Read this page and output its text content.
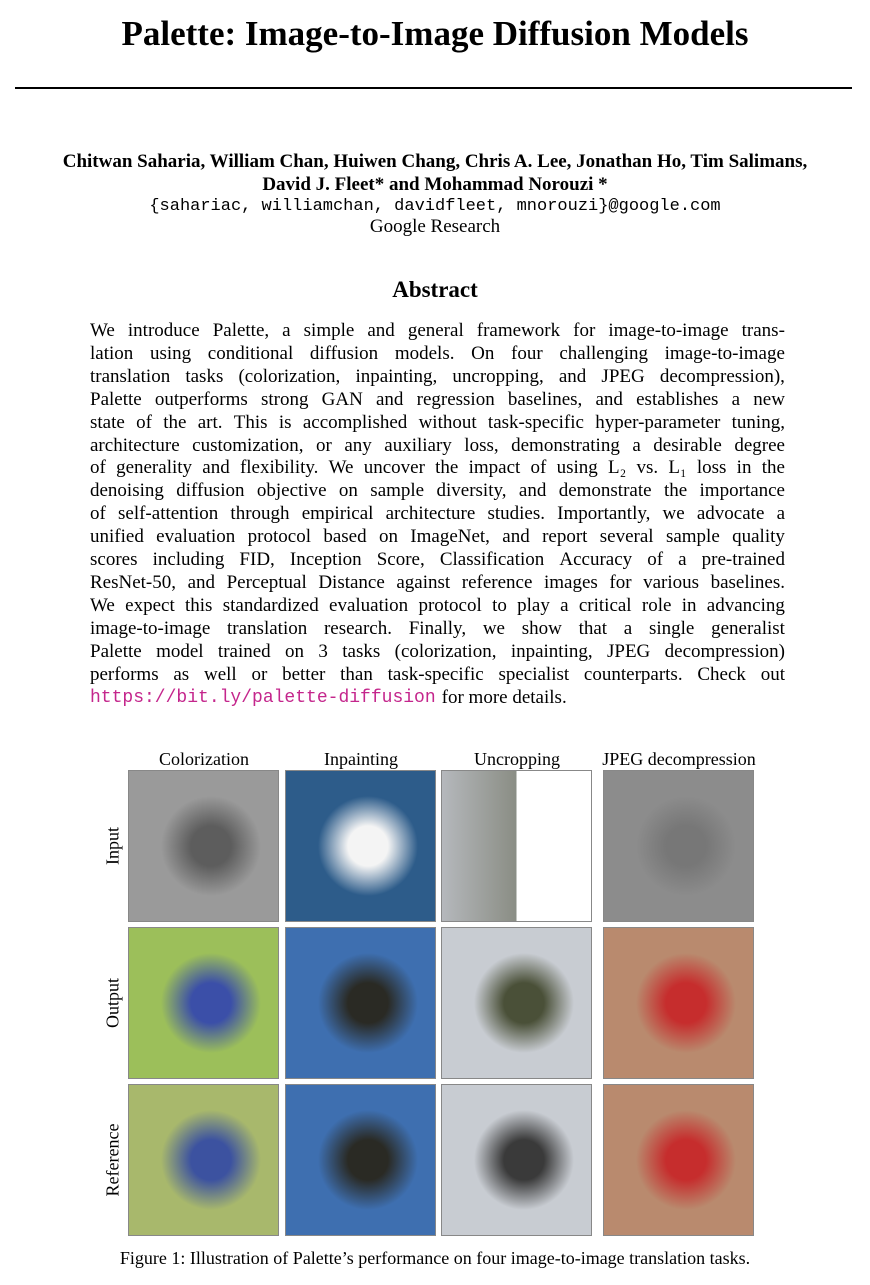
Palette: Image-to-Image Diffusion Models
Chitwan Saharia, William Chan, Huiwen Chang, Chris A. Lee, Jonathan Ho, Tim Salimans,
David J. Fleet* and Mohammad Norouzi *
{sahariac, williamchan, davidfleet, mnorouzi}@google.com
Google Research
Abstract
We introduce Palette, a simple and general framework for image-to-image trans-
lation using conditional diffusion models. On four challenging image-to-image
translation tasks (colorization, inpainting, uncropping, and JPEG decompression),
Palette outperforms strong GAN and regression baselines, and establishes a new
state of the art. This is accomplished without task-specific hyper-parameter tuning,
architecture customization, or any auxiliary loss, demonstrating a desirable degree
of generality and flexibility. We uncover the impact of using L₂ vs. L₁ loss in the
denoising diffusion objective on sample diversity, and demonstrate the importance
of self-attention through empirical architecture studies. Importantly, we advocate a
unified evaluation protocol based on ImageNet, and report several sample quality
scores including FID, Inception Score, Classification Accuracy of a pre-trained
ResNet-50, and Perceptual Distance against reference images for various baselines.
We expect this standardized evaluation protocol to play a critical role in advancing
image-to-image translation research. Finally, we show that a single generalist
Palette model trained on 3 tasks (colorization, inpainting, JPEG decompression)
performs as well or better than task-specific specialist counterparts. Check out
https://bit.ly/palette-diffusion for more details.
Colorization	Inpainting	Uncropping	JPEG decompression
Input
Output
Reference
Figure 1: Illustration of Palette’s performance on four image-to-image translation tasks.
